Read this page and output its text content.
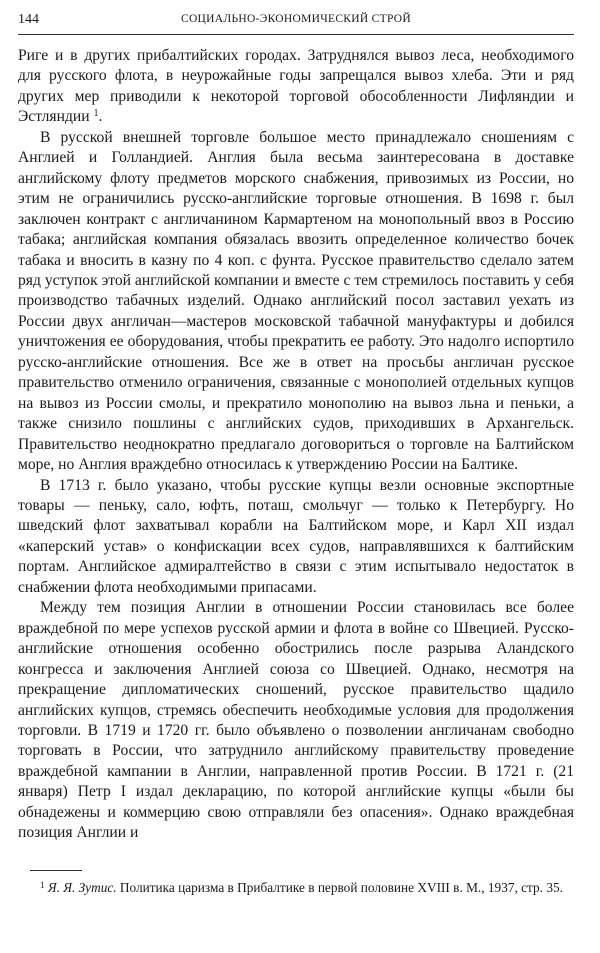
144	СОЦИАЛЬНО-ЭКОНОМИЧЕСКИЙ СТРОЙ

Риге и в других прибалтийских городах. Затруднялся вывоз леса, необходимого для русского флота, в неурожайные годы запрещался вывоз хлеба. Эти и ряд других мер приводили к некоторой торговой обособленности Лифляндии и Эстляндии $^1$.

В русской внешней торговле большое место принадлежало сношениям с Англией и Голландией. Англия была весьма заинтересована в доставке английскому флоту предметов морского снабжения, привозимых из России, но этим не ограничились русско-английские торговые отношения. В 1698 г. был заключен контракт с англичанином Кармартеном на монопольный ввоз в Россию табака; английская компания обязалась ввозить определенное количество бочек табака и вносить в казну по 4 коп. с фунта. Русское правительство сделало затем ряд уступок этой английской компании и вместе с тем стремилось поставить у себя производство табачных изделий. Однако английский посол заставил уехать из России двух англичан—мастеров московской табачной мануфактуры и добился уничтожения ее оборудования, чтобы прекратить ее работу. Это надолго испортило русско-английские отношения. Все же в ответ на просьбы англичан русское правительство отменило ограничения, связанные с монополией отдельных купцов на вывоз из России смолы, и прекратило монополию на вывоз льна и пеньки, а также снизило пошлины с английских судов, приходивших в Архангельск. Правительство неоднократно предлагало договориться о торговле на Балтийском море, но Англия враждебно относилась к утверждению России на Балтике.

В 1713 г. было указано, чтобы русские купцы везли основные экспортные товары — пеньку, сало, юфть, поташ, смольчуг — только к Петербургу. Но шведский флот захватывал корабли на Балтийском море, и Карл XII издал «каперский устав» о конфискации всех судов, направлявшихся к балтийским портам. Английское адмиралтейство в связи с этим испытывало недостаток в снабжении флота необходимыми припасами.

Между тем позиция Англии в отношении России становилась все более враждебной по мере успехов русской армии и флота в войне со Швецией. Русско-английские отношения особенно обострились после разрыва Аландского конгресса и заключения Англией союза со Швецией. Однако, несмотря на прекращение дипломатических сношений, русское правительство щадило английских купцов, стремясь обеспечить необходимые условия для продолжения торговли. В 1719 и 1720 гг. было объявлено о позволении англичанам свободно торговать в России, что затруднило английскому правительству проведение враждебной кампании в Англии, направленной против России. В 1721 г. (21 января) Петр I издал декларацию, по которой английские купцы «были бы обнадежены и коммерцию свою отправляли без опасения». Однако враждебная позиция Англии и

$^1$ Я. Я. Зутис. Политика царизма в Прибалтике в первой половине XVIII в. М., 1937, стр. 35.
